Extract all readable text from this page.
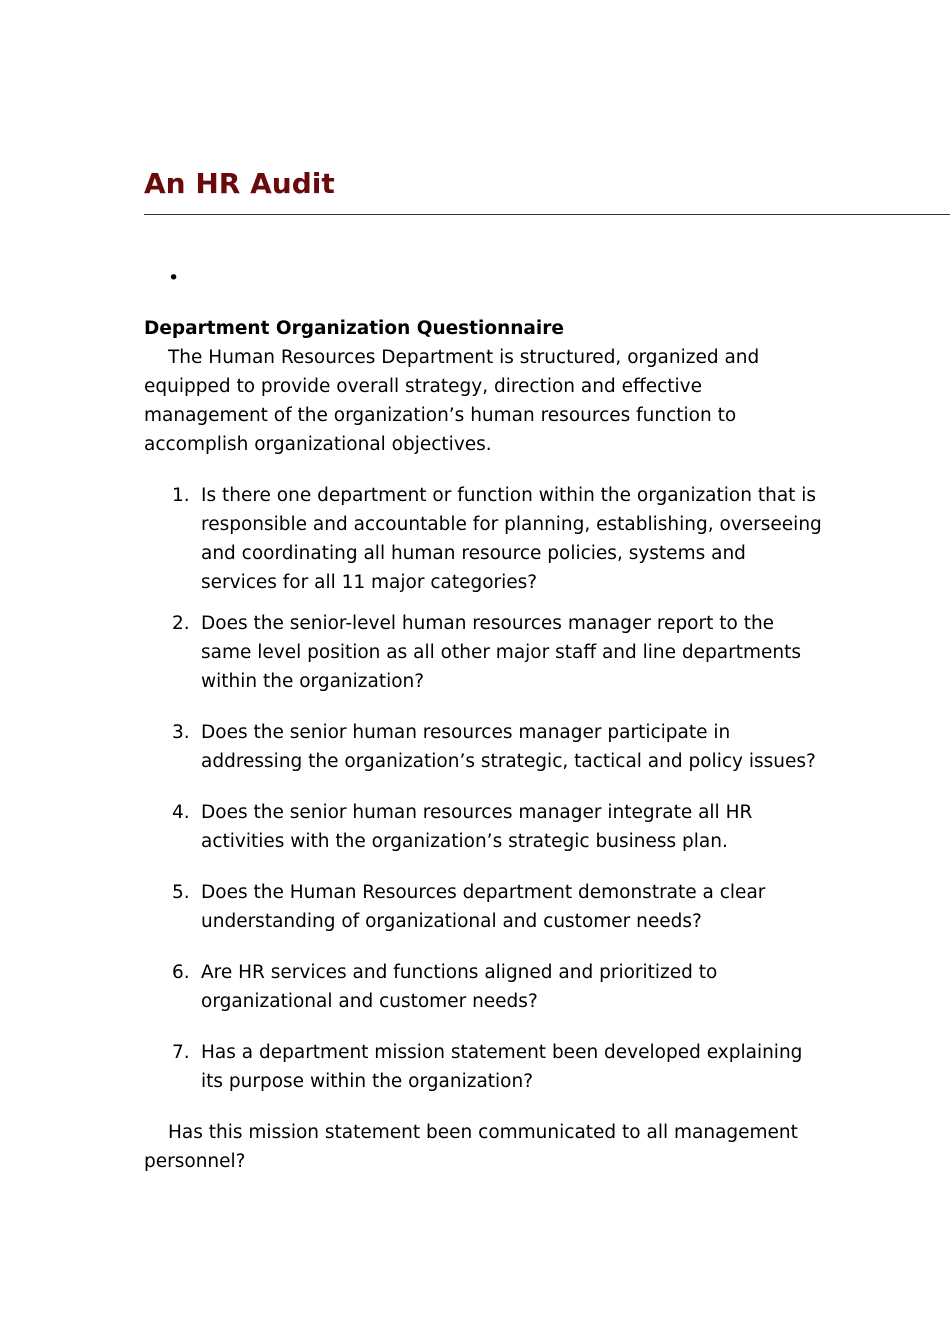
An HR Audit
•

Department Organization Questionnaire

The Human Resources Department is structured, organized and equipped to provide overall strategy, direction and effective management of the organization’s human resources function to accomplish organizational objectives.

1. Is there one department or function within the organization that is responsible and accountable for planning, establishing, overseeing and coordinating all human resource policies, systems and services for all 11 major categories?
2. Does the senior-level human resources manager report to the same level position as all other major staff and line departments within the organization?
3. Does the senior human resources manager participate in addressing the organization’s strategic, tactical and policy issues?
4. Does the senior human resources manager integrate all HR activities with the organization’s strategic business plan.
5. Does the Human Resources department demonstrate a clear understanding of organizational and customer needs?
6. Are HR services and functions aligned and prioritized to organizational and customer needs?
7. Has a department mission statement been developed explaining its purpose within the organization?

Has this mission statement been communicated to all management personnel?
